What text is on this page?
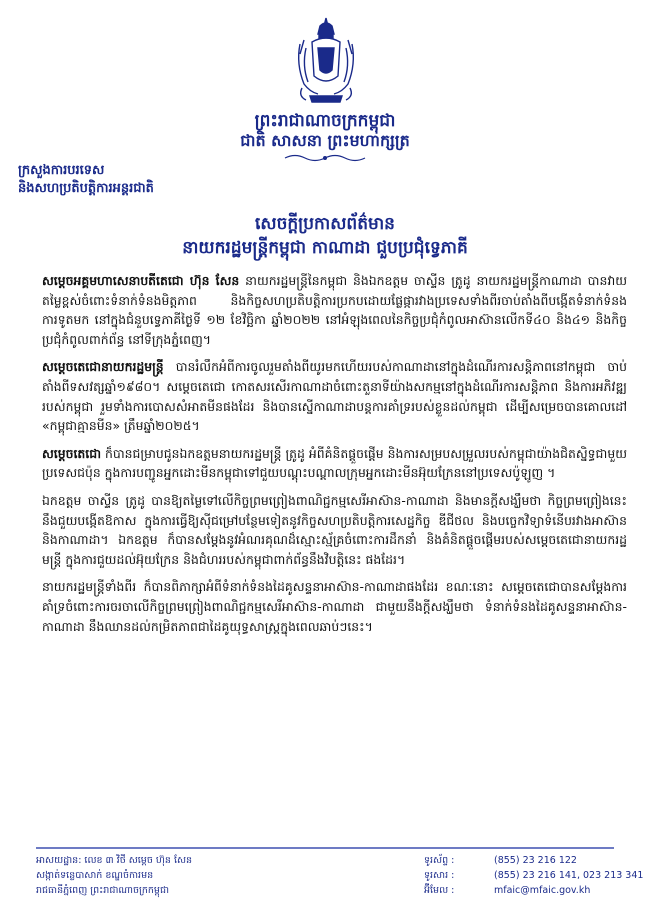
ព្រះរាជាណាចក្រកម្ពុជា
ជាតិ សាសនា ព្រះមហាក្សត្រ
ក្រសួងការបរទេស
និងសហប្រតិបត្តិការអន្តរជាតិ
សេចក្តីប្រកាសព័ត៌មាន
នាយករដ្ឋមន្ត្រីកម្ពុជា កាណាដា ជួបប្រជុំទ្វេភាគី

សម្តេចអគ្គមហាសេនាបតីតេជោ ហ៊ុន សែន នាយករដ្ឋមន្ត្រីនៃកម្ពុជា និងឯកឧត្តម ចាស្ទីន ត្រូដូ នាយករដ្ឋមន្ត្រីកាណាដា បានវាយតម្លៃខ្ពស់ចំពោះទំនាក់ទំនងមិត្តភាព និងកិច្ចសហប្រតិបត្តិការប្រកបដោយផ្លែផ្ការវាងប្រទេសទាំងពីរចាប់តាំងពីបង្កើតទំនាក់ទំនងការទូតមក នៅក្នុងជំនួបទ្វេភាគីថ្ងៃទី ១២ ខែវិច្ឆិកា ឆ្នាំ២០២២ នៅអំឡុងពេលនៃកិច្ចប្រជុំកំពូលអាស៊ានលើកទី៤០ និង៤១ និងកិច្ចប្រជុំកំពូលពាក់ព័ន្ធ នៅទីក្រុងភ្នំពេញ។

សម្តេចតេជោនាយករដ្ឋមន្ត្រី បានរំលឹកអំពីការចូលរួមតាំងពីយូរមកហើយរបស់កាណាដានៅក្នុងដំណើរការសន្តិភាពនៅកម្ពុជា ចាប់តាំងពីទសវត្សឆ្នាំ១៩៨០។ សម្តេចតេជោ កោតសរសើរកាណាដាចំពោះតួនាទីយ៉ាងសកម្មនៅក្នុងដំណើរការសន្តិភាព និងការអភិវឌ្ឍរបស់កម្ពុជា រួមទាំងការបោសសំអាតមីនផងដែរ និងបានស្នើកាណាដាបន្តការគាំទ្ររបស់ខ្លួនដល់កម្ពុជា ដើម្បីសម្រេចបានគោលដៅ «កម្ពុជាគ្មានមីន» ត្រឹមឆ្នាំ២០២៥។

សម្តេចតេជោ ក៏បានជម្រាបជូនឯកឧត្តមនាយករដ្ឋមន្ត្រី ត្រូដូ អំពីគំនិតផ្តួចផ្តើម និងការសម្របសម្រួលរបស់កម្ពុជាយ៉ាងជិតស្និទ្ធជាមួយប្រទេសជប៉ុន ក្នុងការបញ្ជូនអ្នកដោះមីនកម្ពុជាទៅជួយបណ្តុះបណ្តាលក្រុមអ្នកដោះមីនអ៊ុយក្រែននៅប្រទេសប៉ូឡូញ ។

ឯកឧត្តម ចាស្ទីន ត្រូដូ បានឱ្យតម្លៃទៅលើកិច្ចព្រមព្រៀងពាណិជ្ជកម្មសេរីអាស៊ាន-កាណាដា និងមានក្តីសង្ឃឹមថា កិច្ចព្រមព្រៀងនេះនឹងជួយបង្កើតឱកាស ក្នុងការធ្វើឱ្យស៊ីជម្រៅបន្ថែមទៀតនូវកិច្ចសហប្រតិបត្តិការសេដ្ឋកិច្ច ឌីជីថល និងបច្ចេកវិទ្យាទំនើបរវាងអាស៊ាន និងកាណាដា។ ឯកឧត្តម ក៏បានសម្តែងនូវអំណរគុណដ៏ស្មោះស្ម័គ្រចំពោះការដឹកនាំ និងគំនិតផ្តួចផ្តើមរបស់សម្តេចតេជោនាយករដ្ឋមន្ត្រី ក្នុងការជួយដល់អ៊ុយក្រែន និងជំហររបស់កម្ពុជាពាក់ព័ន្ធនឹងវិបត្តិនេះ ផងដែរ។

នាយករដ្ឋមន្ត្រីទាំងពីរ ក៏បានពិភាក្សាអំពីទំនាក់ទំនងដៃគូសន្ទនាអាស៊ាន-កាណាដាផងដែរ ខណៈនោះ សម្តេចតេជោបានសម្តែងការគាំទ្រចំពោះការចរចាលើកិច្ចព្រមព្រៀងពាណិជ្ជកម្មសេរីអាស៊ាន-កាណាដា ជាមួយនឹងក្តីសង្ឃឹមថា ទំនាក់ទំនងដៃគូសន្ទនាអាស៊ាន-កាណាដា នឹងឈានដល់កម្រិតភាពជាដៃគូយុទ្ធសាស្ត្រក្នុងពេលឆាប់ៗនេះ។

អាសយដ្ឋាន: លេខ ៣ វិថី សម្តេច ហ៊ុន សែន
សង្កាត់ទន្លេបាសាក់ ខណ្ឌចំការមន
រាជធានីភ្នំពេញ ព្រះរាជាណាចក្រកម្ពុជា
ទូរស័ព្ទ :	(855) 23 216 122
ទូរសារ :	(855) 23 216 141, 023 213 341
អ៊ីមែល :	mfaic@mfaic.gov.kh
